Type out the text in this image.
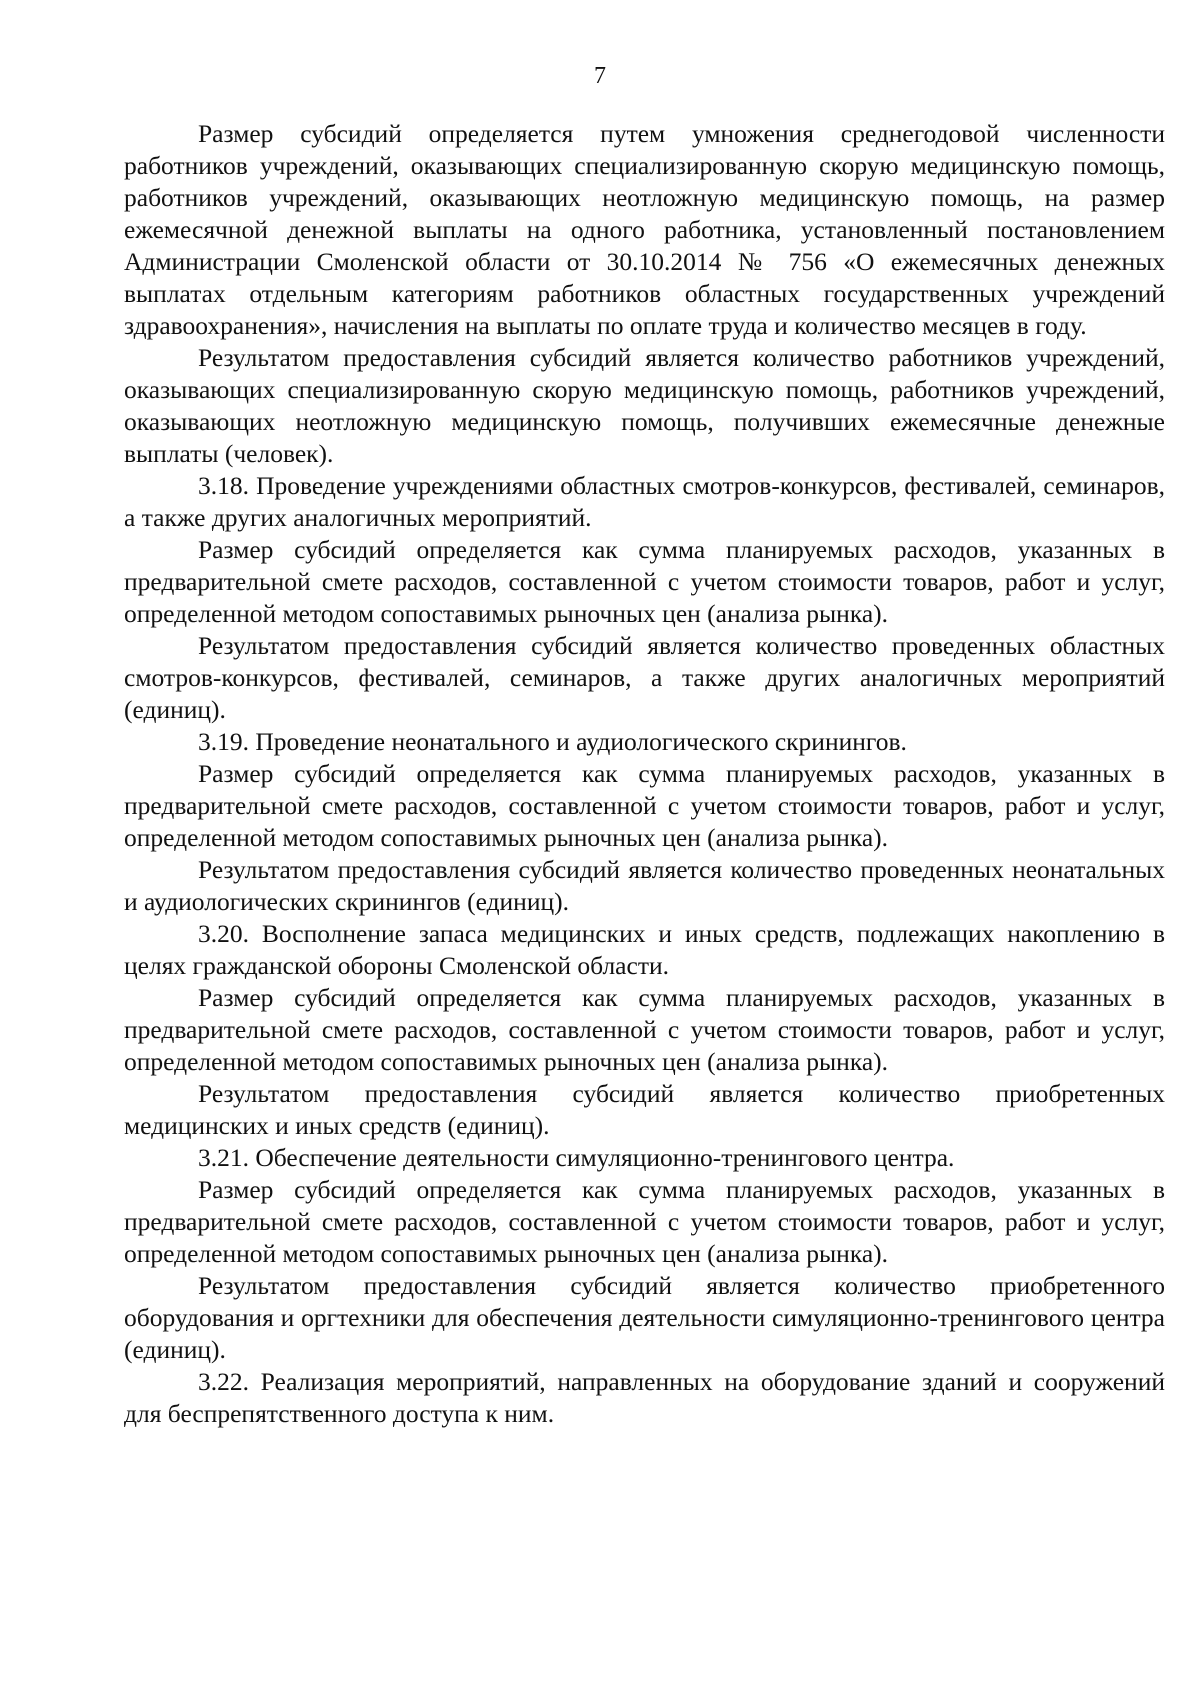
7

Размер субсидий определяется путем умножения среднегодовой численности работников учреждений, оказывающих специализированную скорую медицинскую помощь, работников учреждений, оказывающих неотложную медицинскую помощь, на размер ежемесячной денежной выплаты на одного работника, установленный постановлением Администрации Смоленской области от 30.10.2014 № 756 «О ежемесячных денежных выплатах отдельным категориям работников областных государственных учреждений здравоохранения», начисления на выплаты по оплате труда и количество месяцев в году.

Результатом предоставления субсидий является количество работников учреждений, оказывающих специализированную скорую медицинскую помощь, работников учреждений, оказывающих неотложную медицинскую помощь, получивших ежемесячные денежные выплаты (человек).

3.18. Проведение учреждениями областных смотров-конкурсов, фестивалей, семинаров, а также других аналогичных мероприятий.

Размер субсидий определяется как сумма планируемых расходов, указанных в предварительной смете расходов, составленной с учетом стоимости товаров, работ и услуг, определенной методом сопоставимых рыночных цен (анализа рынка).

Результатом предоставления субсидий является количество проведенных областных смотров-конкурсов, фестивалей, семинаров, а также других аналогичных мероприятий (единиц).

3.19. Проведение неонатального и аудиологического скринингов.

Размер субсидий определяется как сумма планируемых расходов, указанных в предварительной смете расходов, составленной с учетом стоимости товаров, работ и услуг, определенной методом сопоставимых рыночных цен (анализа рынка).

Результатом предоставления субсидий является количество проведенных неонатальных и аудиологических скринингов (единиц).

3.20. Восполнение запаса медицинских и иных средств, подлежащих накоплению в целях гражданской обороны Смоленской области.

Размер субсидий определяется как сумма планируемых расходов, указанных в предварительной смете расходов, составленной с учетом стоимости товаров, работ и услуг, определенной методом сопоставимых рыночных цен (анализа рынка).

Результатом предоставления субсидий является количество приобретенных медицинских и иных средств (единиц).

3.21. Обеспечение деятельности симуляционно-тренингового центра.

Размер субсидий определяется как сумма планируемых расходов, указанных в предварительной смете расходов, составленной с учетом стоимости товаров, работ и услуг, определенной методом сопоставимых рыночных цен (анализа рынка).

Результатом предоставления субсидий является количество приобретенного оборудования и оргтехники для обеспечения деятельности симуляционно-тренингового центра (единиц).

3.22. Реализация мероприятий, направленных на оборудование зданий и сооружений для беспрепятственного доступа к ним.
